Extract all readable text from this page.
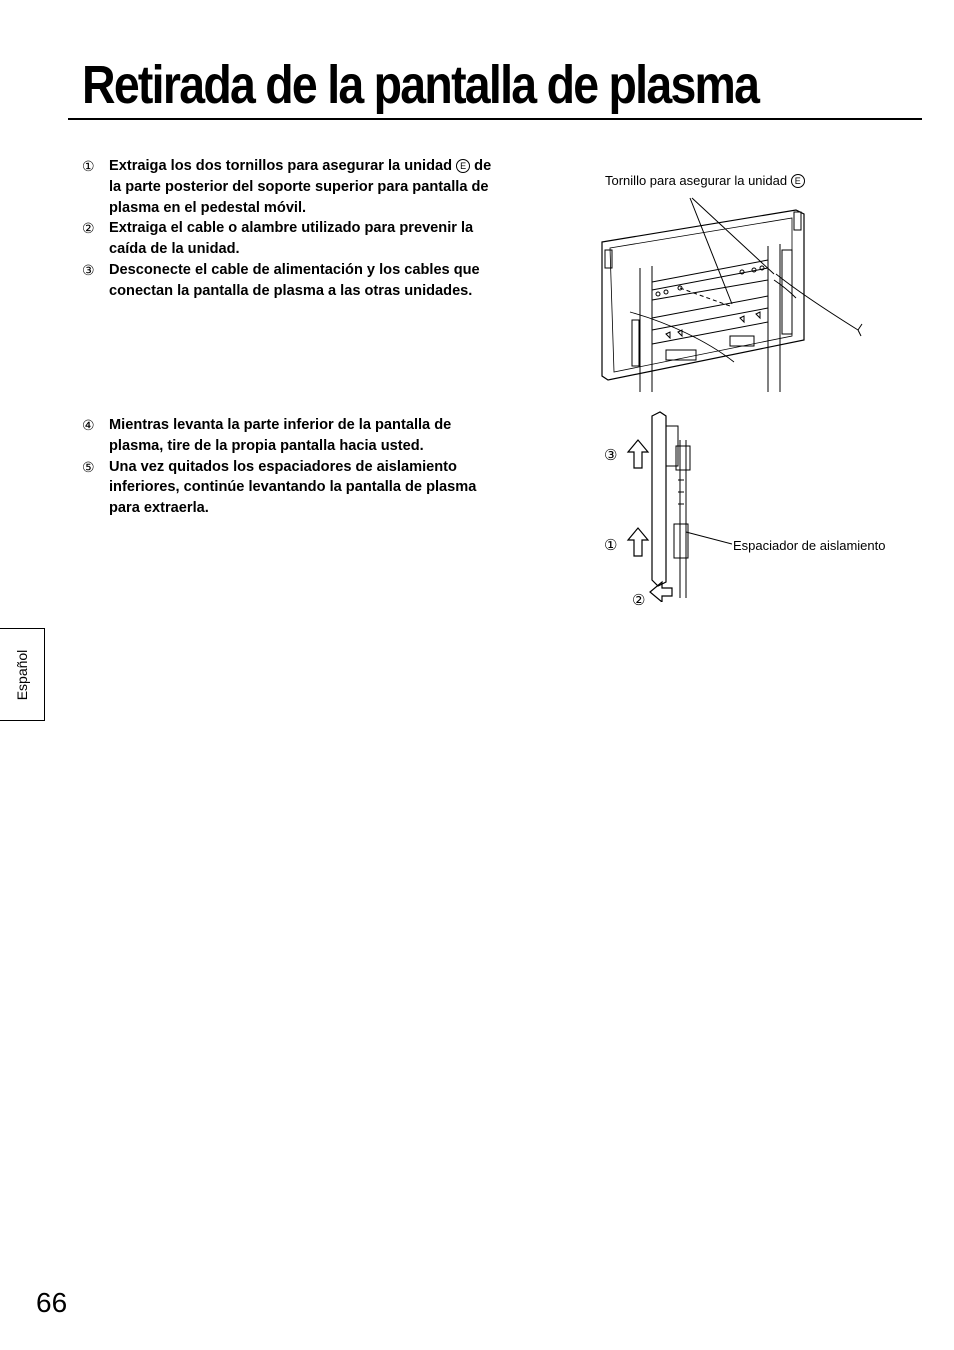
Retirada de la pantalla de plasma
① Extraiga los dos tornillos para asegurar la unidad E de la parte posterior del soporte superior para pantalla de plasma en el pedestal móvil.
② Extraiga el cable o alambre utilizado para prevenir la caída de la unidad.
③ Desconecte el cable de alimentación y los cables que conectan la pantalla de plasma a las otras unidades.
④ Mientras levanta la parte inferior de la pantalla de plasma, tire de la propia pantalla hacia usted.
⑤ Una vez quitados los espaciadores de aislamiento inferiores, continúe levantando la pantalla de plasma para extraerla.
Tornillo para asegurar la unidad E
③
①
②
Espaciador de aislamiento
Español
66
